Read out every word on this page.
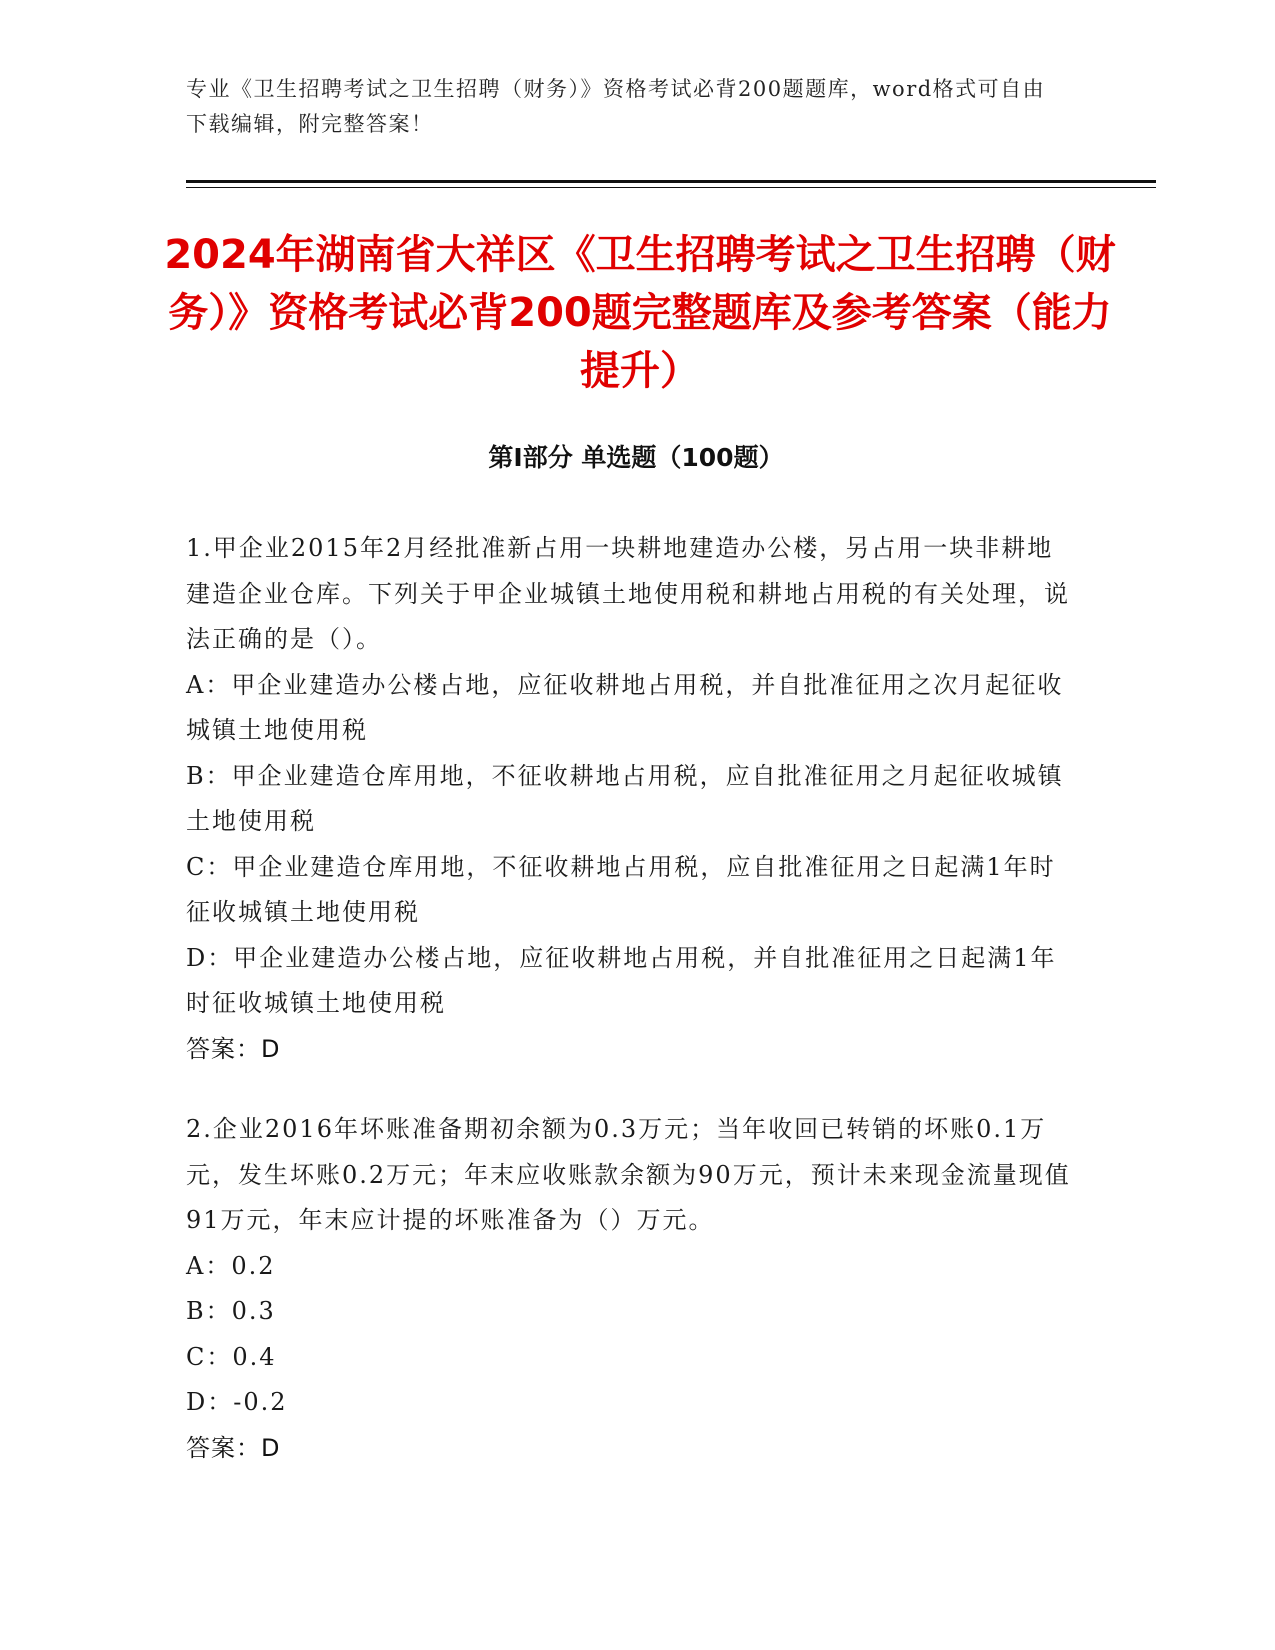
专业《卫生招聘考试之卫生招聘（财务）》资格考试必背200题题库，word格式可自由下载编辑，附完整答案！
2024年湖南省大祥区《卫生招聘考试之卫生招聘（财务）》资格考试必背200题完整题库及参考答案（能力提升）
第Ⅰ部分 单选题（100题）

1.甲企业2015年2月经批准新占用一块耕地建造办公楼，另占用一块非耕地建造企业仓库。下列关于甲企业城镇土地使用税和耕地占用税的有关处理，说法正确的是（）。

A：甲企业建造办公楼占地，应征收耕地占用税，并自批准征用之次月起征收城镇土地使用税

B：甲企业建造仓库用地，不征收耕地占用税，应自批准征用之月起征收城镇土地使用税

C：甲企业建造仓库用地，不征收耕地占用税，应自批准征用之日起满1年时征收城镇土地使用税

D：甲企业建造办公楼占地，应征收耕地占用税，并自批准征用之日起满1年时征收城镇土地使用税

答案：D

2.企业2016年坏账准备期初余额为0.3万元；当年收回已转销的坏账0.1万元，发生坏账0.2万元；年末应收账款余额为90万元，预计未来现金流量现值91万元，年末应计提的坏账准备为（）万元。

A：0.2

B：0.3

C：0.4

D：-0.2

答案：D
